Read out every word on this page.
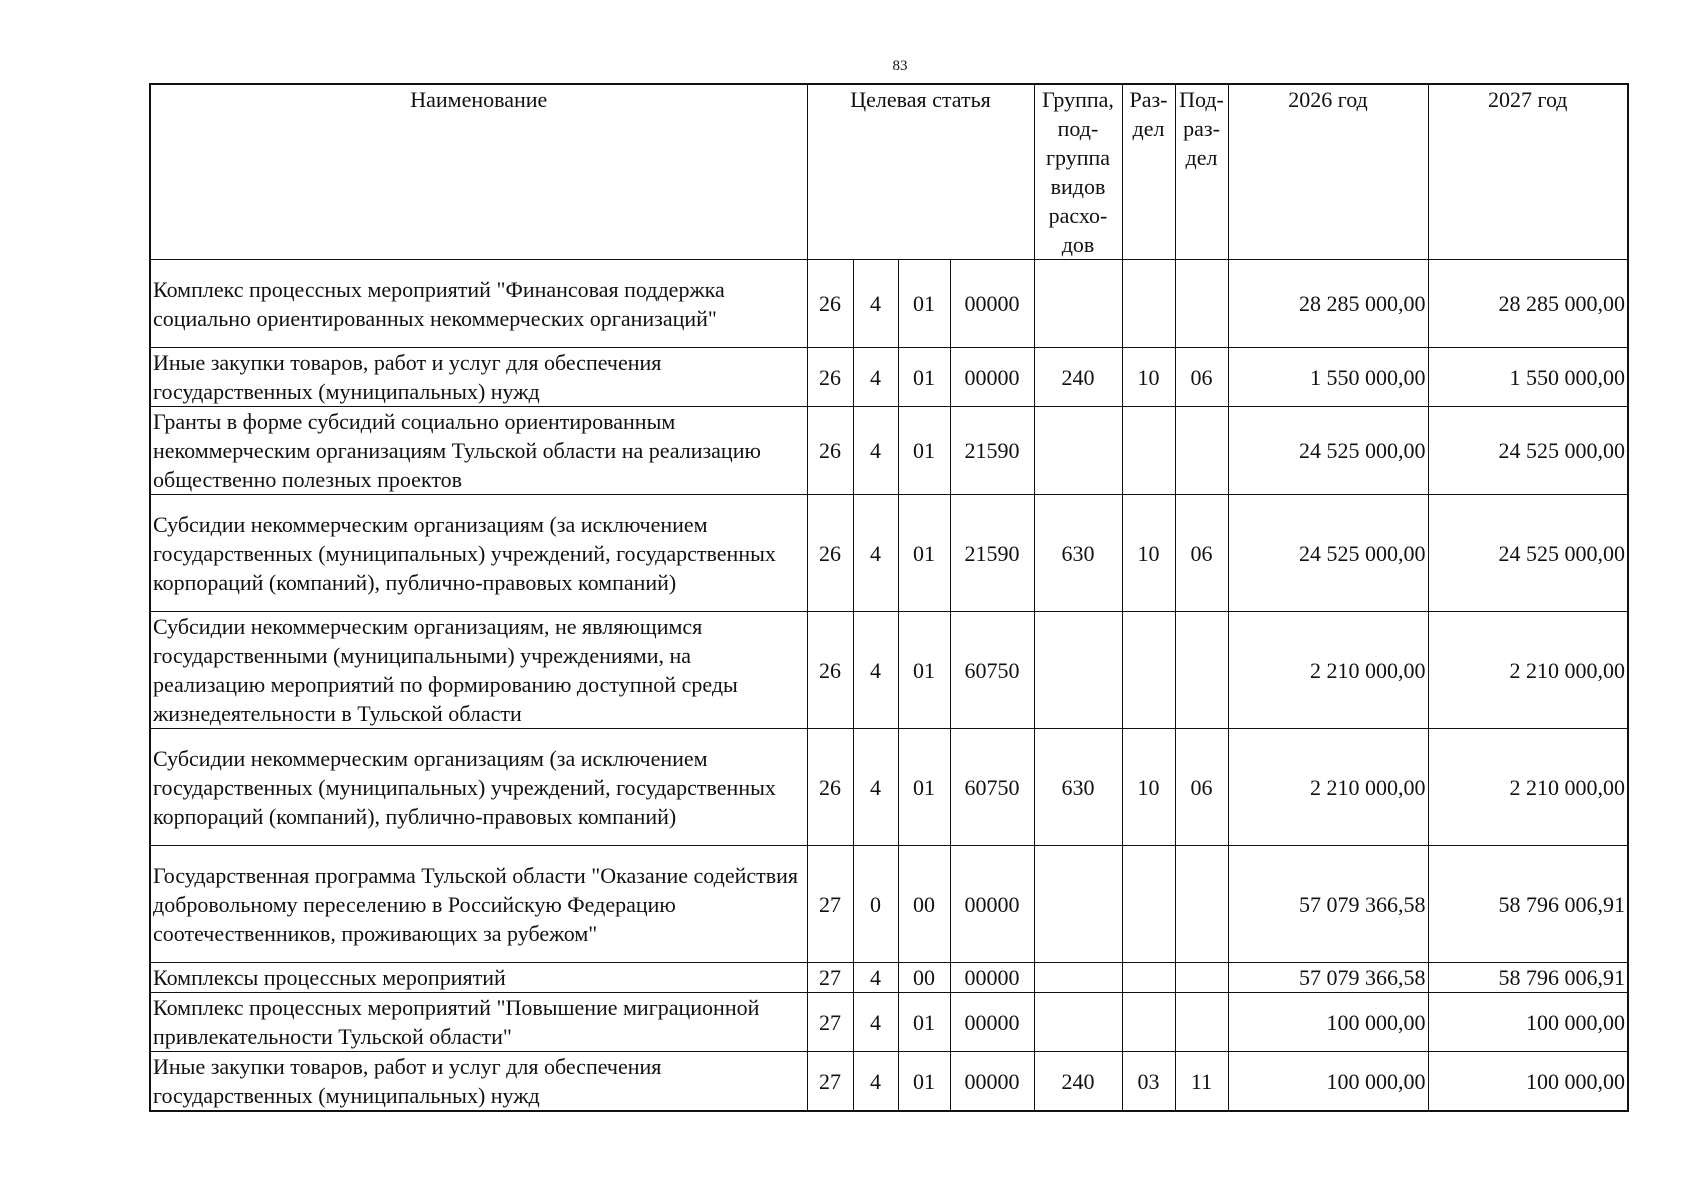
83
Наименование	Целевая статья				Группа, под-группа видов расхо-дов	Раз-дел	Под-раз-дел	2026 год	2027 год
Комплекс процессных мероприятий "Финансовая поддержка социально ориентированных некоммерческих организаций"	26	4	01	00000				28 285 000,00	28 285 000,00
Иные закупки товаров, работ и услуг для обеспечения государственных (муниципальных) нужд	26	4	01	00000	240	10	06	1 550 000,00	1 550 000,00
Гранты в форме субсидий социально ориентированным некоммерческим организациям Тульской области на реализацию общественно полезных проектов	26	4	01	21590				24 525 000,00	24 525 000,00
Субсидии некоммерческим организациям (за исключением государственных (муниципальных) учреждений, государственных корпораций (компаний), публично-правовых компаний)	26	4	01	21590	630	10	06	24 525 000,00	24 525 000,00
Субсидии некоммерческим организациям, не являющимся государственными (муниципальными) учреждениями, на реализацию мероприятий по формированию доступной среды жизнедеятельности в Тульской области	26	4	01	60750				2 210 000,00	2 210 000,00
Субсидии некоммерческим организациям (за исключением государственных (муниципальных) учреждений, государственных корпораций (компаний), публично-правовых компаний)	26	4	01	60750	630	10	06	2 210 000,00	2 210 000,00
Государственная программа Тульской области "Оказание содействия добровольному переселению в Российскую Федерацию соотечественников, проживающих за рубежом"	27	0	00	00000				57 079 366,58	58 796 006,91
Комплексы процессных мероприятий	27	4	00	00000				57 079 366,58	58 796 006,91
Комплекс процессных мероприятий "Повышение миграционной привлекательности Тульской области"	27	4	01	00000				100 000,00	100 000,00
Иные закупки товаров, работ и услуг для обеспечения государственных (муниципальных) нужд	27	4	01	00000	240	03	11	100 000,00	100 000,00
